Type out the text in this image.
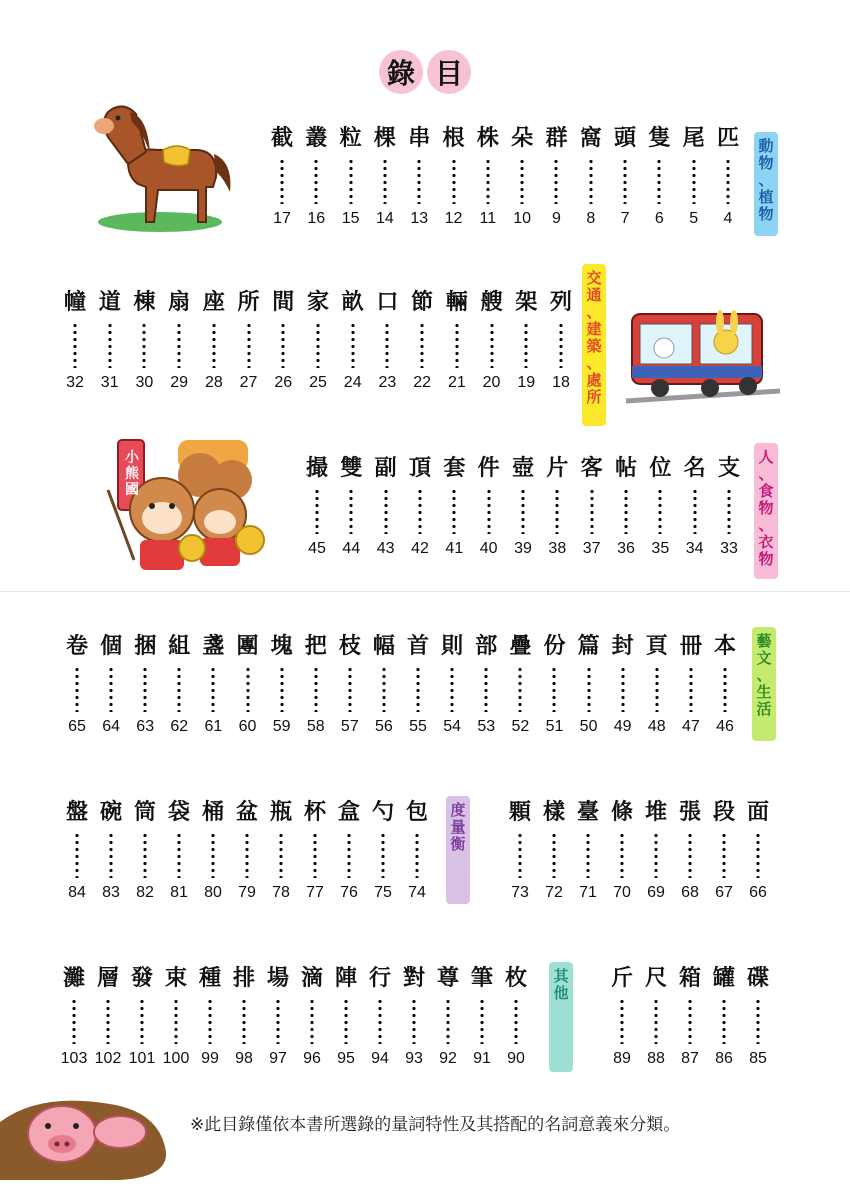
錄 目
截
17
叢
16
粒
15
棵
14
串
13
根
12
株
11
朵
10
群
9
窩
8
頭
7
隻
6
尾
5
匹
4
動
物
、
植
物
幢
32
道
31
棟
30
扇
29
座
28
所
27
間
26
家
25
畝
24
口
23
節
22
輛
21
艘
20
架
19
列
18
交
通
、
建
築
、
處
所
小
熊
國
撮
45
雙
44
副
43
頂
42
套
41
件
40
壺
39
片
38
客
37
帖
36
位
35
名
34
支
33
人
、
食
物
、
衣
物
卷
65
個
64
捆
63
組
62
盞
61
團
60
塊
59
把
58
枝
57
幅
56
首
55
則
54
部
53
疊
52
份
51
篇
50
封
49
頁
48
冊
47
本
46
藝
文
、
生
活
盤
84
碗
83
筒
82
袋
81
桶
80
盆
79
瓶
78
杯
77
盒
76
勺
75
包
74
度
量
衡
顆
73
樣
72
臺
71
條
70
堆
69
張
68
段
67
面
66
灘
103
層
102
發
101
束
100
種
99
排
98
場
97
滴
96
陣
95
行
94
對
93
尊
92
筆
91
枚
90
其
他
斤
89
尺
88
箱
87
罐
86
碟
85
※此目錄僅依本書所選錄的量詞特性及其搭配的名詞意義來分類。
